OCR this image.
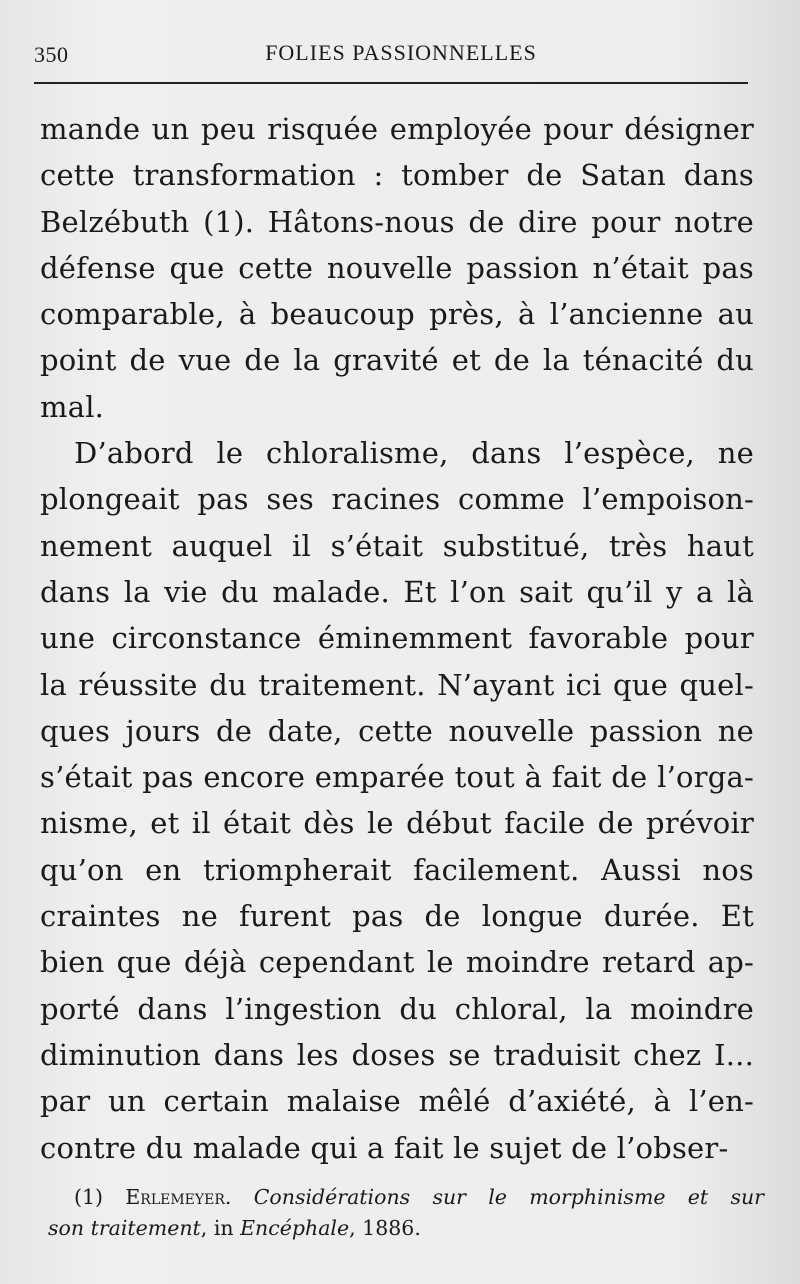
350	FOLIES PASSIONNELLES
mande un peu risquée employée pour désigner
cette transformation : tomber de Satan dans
Belzébuth (1). Hâtons-nous de dire pour notre
défense que cette nouvelle passion n’était pas
comparable, à beaucoup près, à l’ancienne au
point de vue de la gravité et de la ténacité du
mal.
D’abord le chloralisme, dans l’espèce, ne
plongeait pas ses racines comme l’empoison-
nement auquel il s’était substitué, très haut
dans la vie du malade. Et l’on sait qu’il y a là
une circonstance éminemment favorable pour
la réussite du traitement. N’ayant ici que quel-
ques jours de date, cette nouvelle passion ne
s’était pas encore emparée tout à fait de l’orga-
nisme, et il était dès le début facile de prévoir
qu’on en triompherait facilement. Aussi nos
craintes ne furent pas de longue durée. Et
bien que déjà cependant le moindre retard ap-
porté dans l’ingestion du chloral, la moindre
diminution dans les doses se traduisit chez I...
par un certain malaise mêlé d’axiété, à l’en-
contre du malade qui a fait le sujet de l’obser-
(1) Erlemeyer. Considérations sur le morphinisme et sur
son traitement, in Encéphale, 1886.
